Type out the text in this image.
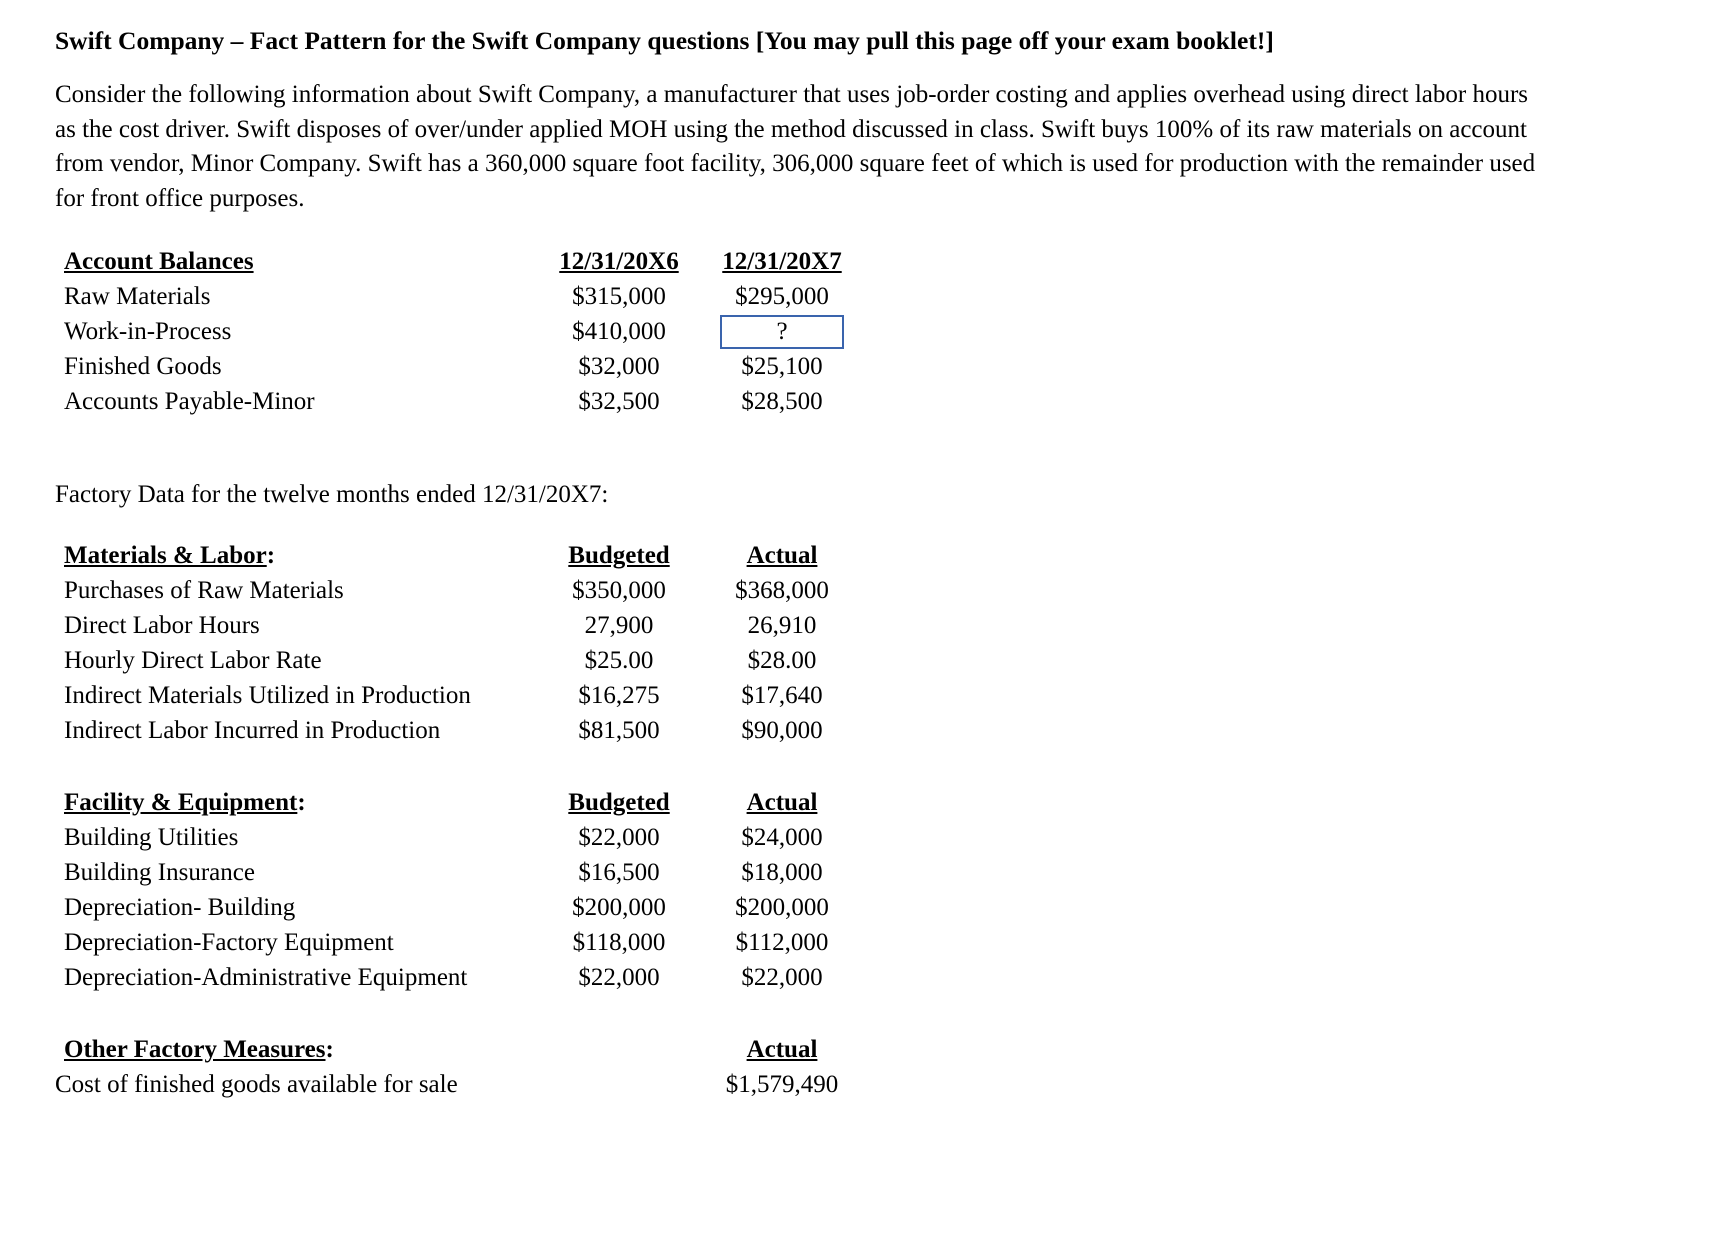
Swift Company – Fact Pattern for the Swift Company questions [You may pull this page off your exam booklet!]

Consider the following information about Swift Company, a manufacturer that uses job-order costing and applies overhead using direct labor hours as the cost driver. Swift disposes of over/under applied MOH using the method discussed in class. Swift buys 100% of its raw materials on account from vendor, Minor Company. Swift has a 360,000 square foot facility, 306,000 square feet of which is used for production with the remainder used for front office purposes.

Account Balances	12/31/20X6	12/31/20X7
Raw Materials	$315,000	$295,000
Work-in-Process	$410,000	?
Finished Goods	$32,000	$25,100
Accounts Payable-Minor	$32,500	$28,500
Factory Data for the twelve months ended 12/31/20X7:
Materials & Labor:	Budgeted	Actual
Purchases of Raw Materials	$350,000	$368,000
Direct Labor Hours	27,900	26,910
Hourly Direct Labor Rate	$25.00	$28.00
Indirect Materials Utilized in Production	$16,275	$17,640
Indirect Labor Incurred in Production	$81,500	$90,000
Facility & Equipment:	Budgeted	Actual
Building Utilities	$22,000	$24,000
Building Insurance	$16,500	$18,000
Depreciation- Building	$200,000	$200,000
Depreciation-Factory Equipment	$118,000	$112,000
Depreciation-Administrative Equipment	$22,000	$22,000
Other Factory Measures:	Actual
Cost of finished goods available for sale	$1,579,490
